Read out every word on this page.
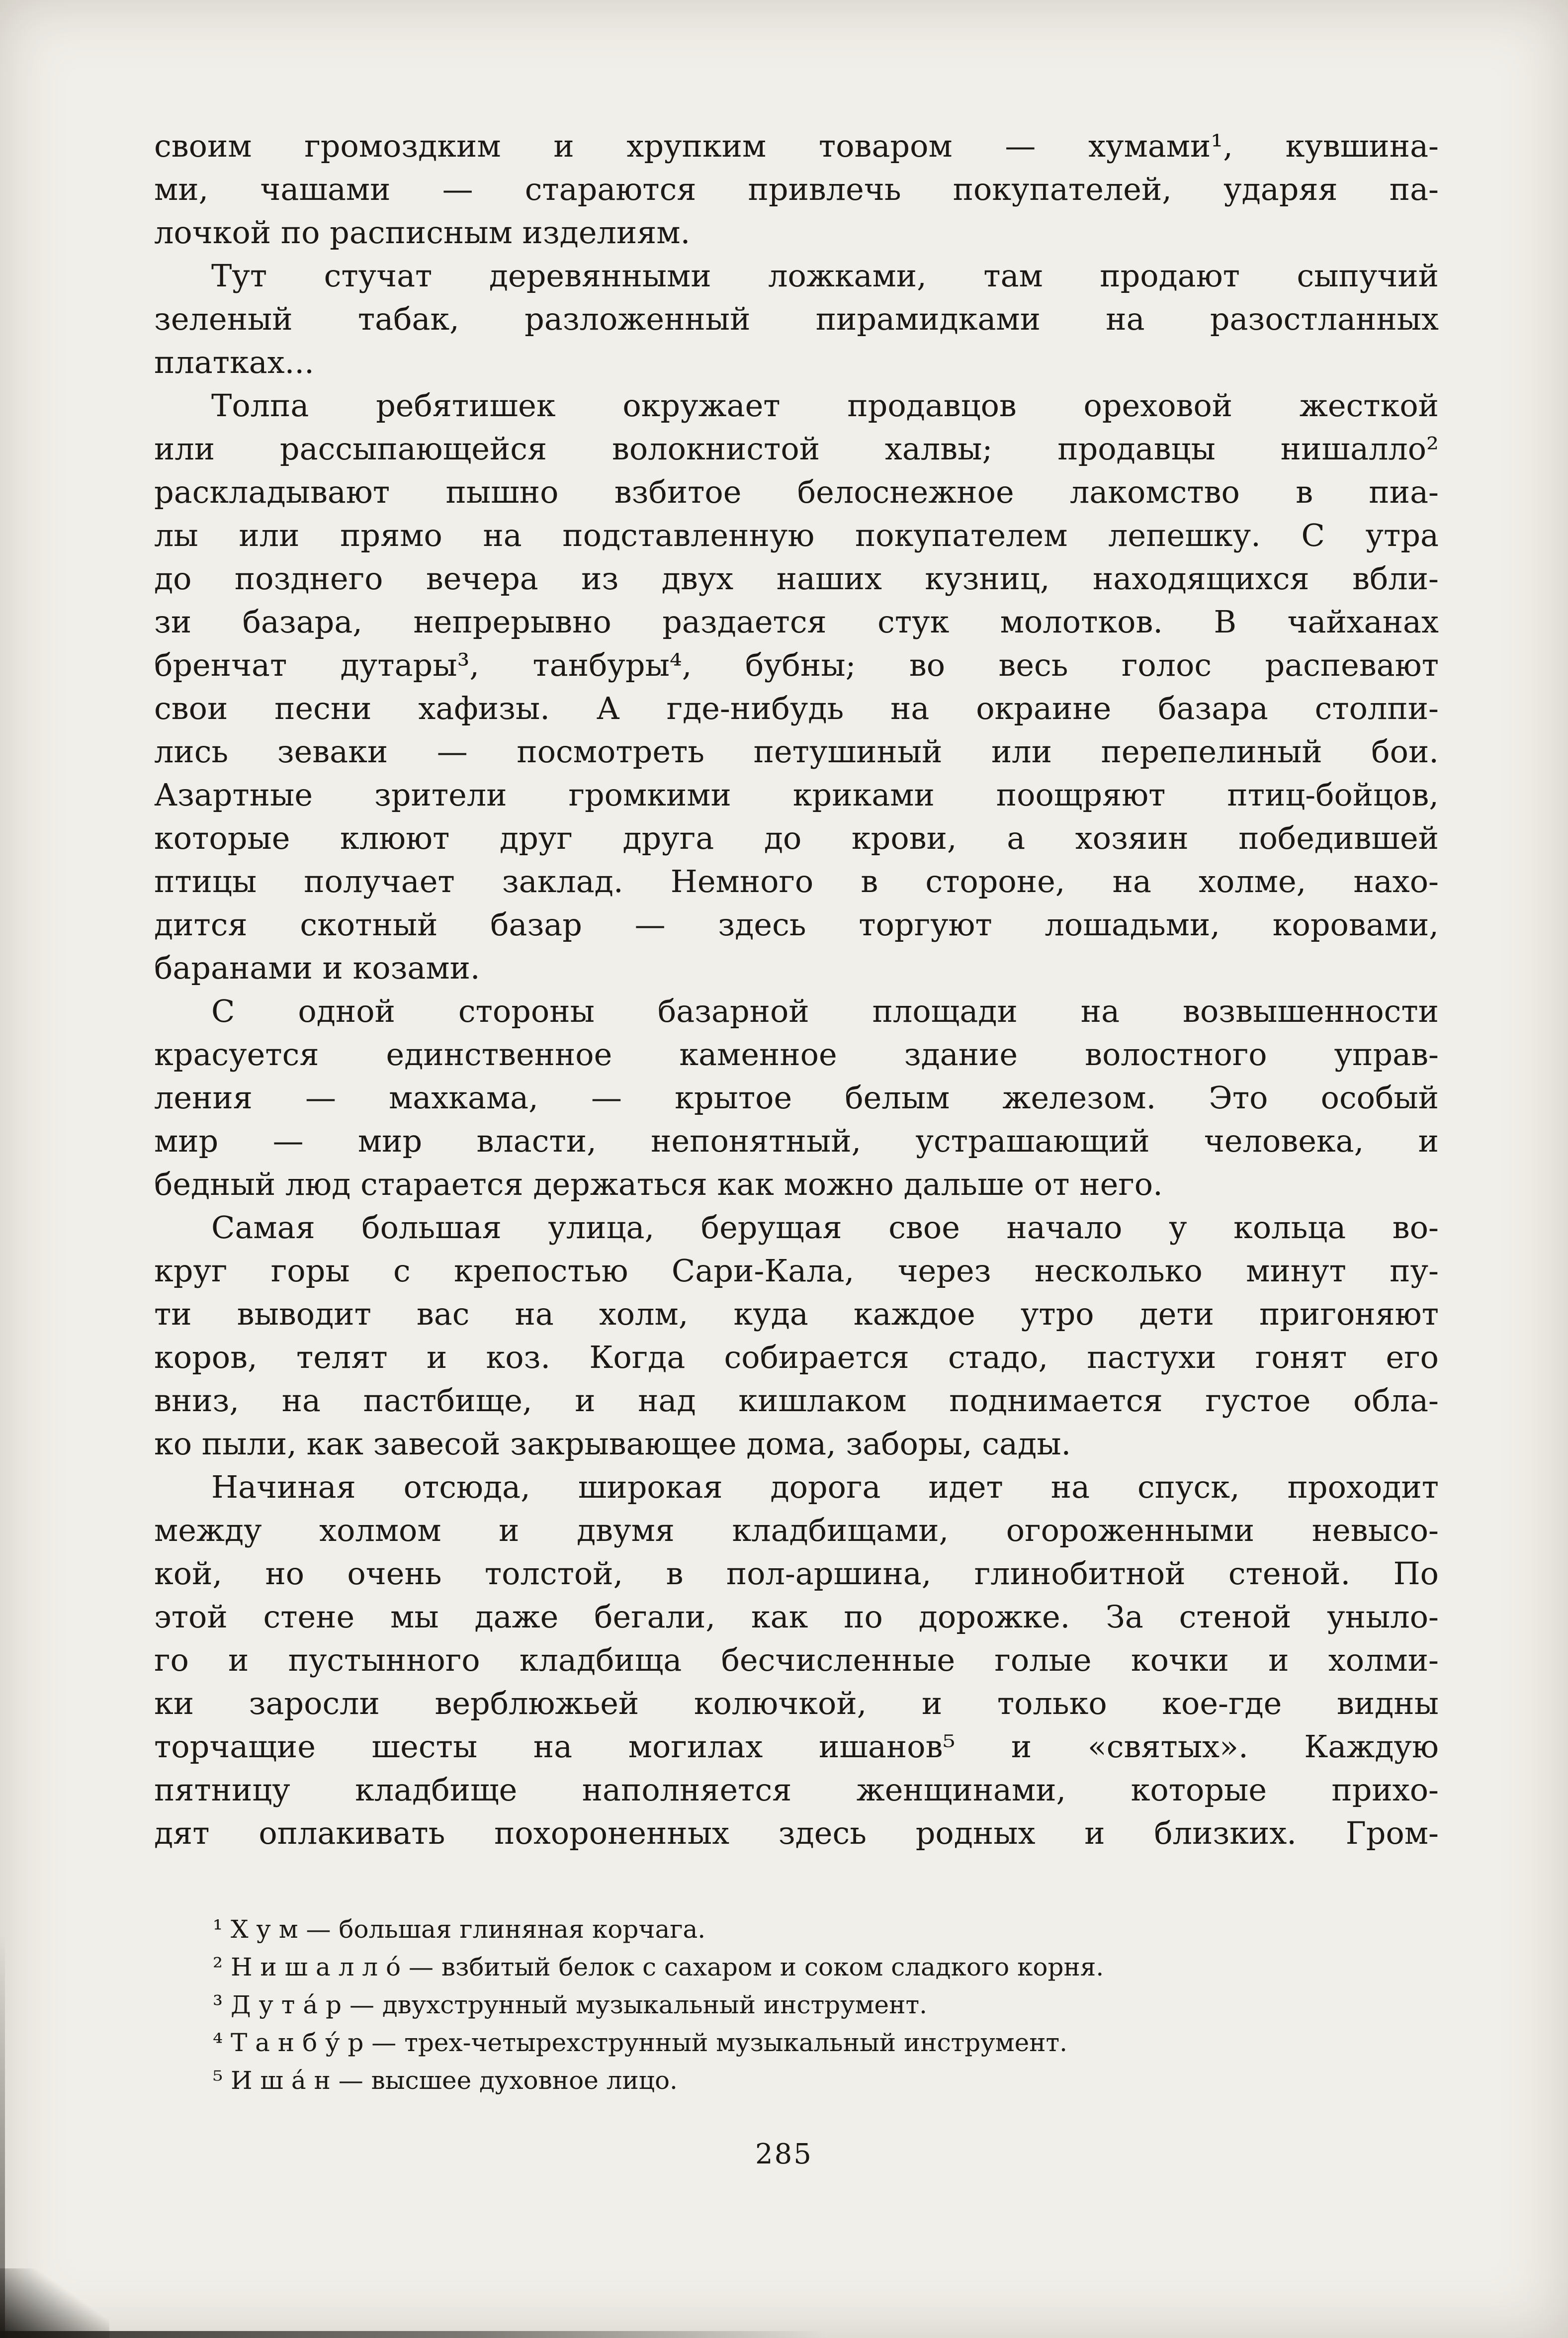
своим громоздким и хрупким товаром — хумами¹, кувшина-
ми, чашами — стараются привлечь покупателей, ударяя па-
лочкой по расписным изделиям.
Тут стучат деревянными ложками, там продают сыпучий
зеленый табак, разложенный пирамидками на разостланных
платках...
Толпа ребятишек окружает продавцов ореховой жесткой
или рассыпающейся волокнистой халвы; продавцы нишалло²
раскладывают пышно взбитое белоснежное лакомство в пиа-
лы или прямо на подставленную покупателем лепешку. С утра
до позднего вечера из двух наших кузниц, находящихся вбли-
зи базара, непрерывно раздается стук молотков. В чайханах
бренчат дутары³, танбуры⁴, бубны; во весь голос распевают
свои песни хафизы. А где-нибудь на окраине базара столпи-
лись зеваки — посмотреть петушиный или перепелиный бои.
Азартные зрители громкими криками поощряют птиц-бойцов,
которые клюют друг друга до крови, а хозяин победившей
птицы получает заклад. Немного в стороне, на холме, нахо-
дится скотный базар — здесь торгуют лошадьми, коровами,
баранами и козами.
С одной стороны базарной площади на возвышенности
красуется единственное каменное здание волостного управ-
ления — махкама, — крытое белым железом. Это особый
мир — мир власти, непонятный, устрашающий человека, и
бедный люд старается держаться как можно дальше от него.
Самая большая улица, берущая свое начало у кольца во-
круг горы с крепостью Сари-Кала, через несколько минут пу-
ти выводит вас на холм, куда каждое утро дети пригоняют
коров, телят и коз. Когда собирается стадо, пастухи гонят его
вниз, на пастбище, и над кишлаком поднимается густое обла-
ко пыли, как завесой закрывающее дома, заборы, сады.
Начиная отсюда, широкая дорога идет на спуск, проходит
между холмом и двумя кладбищами, огороженными невысо-
кой, но очень толстой, в пол-аршина, глинобитной стеной. По
этой стене мы даже бегали, как по дорожке. За стеной уныло-
го и пустынного кладбища бесчисленные голые кочки и холми-
ки заросли верблюжьей колючкой, и только кое-где видны
торчащие шесты на могилах ишанов⁵ и «святых». Каждую
пятницу кладбище наполняется женщинами, которые прихо-
дят оплакивать похороненных здесь родных и близких. Гром-
¹ Х у м — большая глиняная корчага.
² Н и ш а л л о́ — взбитый белок с сахаром и соком сладкого корня.
³ Д у т а́ р — двухструнный музыкальный инструмент.
⁴ Т а н б у́ р — трех-четырехструнный музыкальный инструмент.
⁵ И ш а́ н — высшее духовное лицо.
285
